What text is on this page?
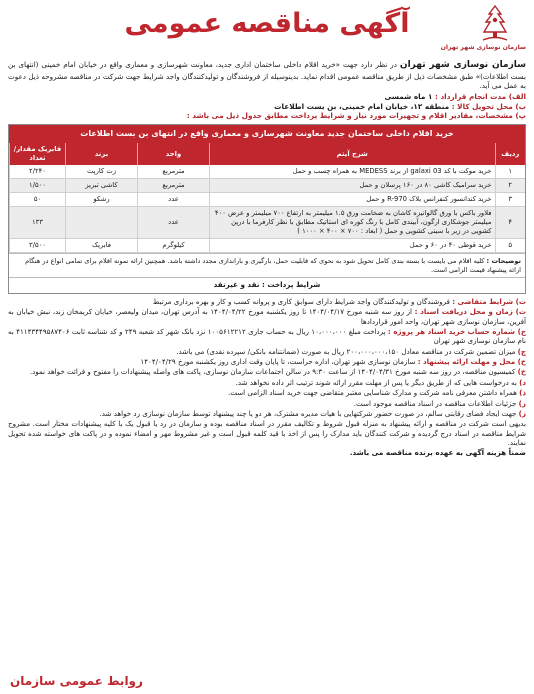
سازمان نوسازی شهر تهران
آگهی مناقصه عمومی
سازمان نوسازی شهر تهران در نظر دارد جهت «خرید اقلام داخلی ساختمان اداری جدید، معاونت شهرسازی و معماری واقع در خیابان امام خمینی (انتهای بن بست اطلاعات)» طبق مشخصات ذیل از طریق مناقصه عمومی اقدام نماید. بدینوسیله از فروشندگان و تولیدکنندگان واجد شرایط جهت شرکت در مناقصه مشروحه ذیل دعوت به عمل می آید.
الف) مدت انجام قرارداد : ۱ ماه شمسی
ب) محل تحویل کالا : منطقه ۱۲، خیابان امام خمینی، بن بست اطلاعات
پ) مشخصات، مقادیر اقلام و تجهیزات مورد نیاز و شرایط پرداخت مطابق جدول ذیل می باشد :
خرید اقلام داخلی ساختمان جدید معاونت شهرسازی و معماری واقع در انتهای بن بست اطلاعات
ردیف	شرح آیتم	واحد	برند	فابریک مقدار/تعداد
۱	خرید موکت با کد galaxi 03 از برند MEDESS به همراه چسب و حمل	مترمربع	زت کارپت	۲/۲۴۰
۲	خرید سرامیک کاشی ۸۰ در ۱۶۰ پرسلان و حمل	مترمربع	کاشی تبریز	۱/۵۰۰
۳	خرید کندانسور کنفرانس بلاک R-970 و حمل	عدد	رشکو	۵۰
۴	فلاور باکس با ورق گالوانیزه کاشان به ضخامت ورق ۱.۵ میلیمتر به ارتفاع ۷۰۰ میلیمتر و عرض ۴۰۰ میلیمتر جوشکاری ارگون، آبیندی کامل با رنگ کوره ای استاتیک مطابق با نظر کارفرما با درپن کشویی در زیر با سینی کشویی و حمل ( ابعاد : ۷۰۰ × ۴۰۰ × ۱۰۰۰ )	عدد		۱۳۳
۵	خرید قوطی ۴۰ در ۶۰ و حمل	کیلوگرم	فابریک	۳/۵۰۰
توضیحات : کلیه اقلام می بایست با بسته بندی کامل تحویل شود به نحوی که قابلیت حمل، بارگیری و باراندازی مجدد داشته باشد. همچنین ارائه نمونه اقلام برای تمامی انواع در هنگام ارائه پیشنهاد قیمت الزامی است.
شرایط پرداخت : نقد و غیرنقد
ت) شرایط متقاضی : فروشندگان و تولیدکنندگان واجد شرایط دارای سوابق کاری و پروانه کسب و کار و بهره برداری مرتبط
ث) زمان و محل دریافت اسناد : از روز سه شنبه مورخ ۱۴۰۴/۰۴/۱۷ تا روز یکشنبه مورخ ۱۴۰۴/۰۴/۲۲ به آدرس تهران، میدان ولیعصر، خیابان کریمخان زند، نبش خیابان به آفرین، سازمان نوسازی شهر تهران، واحد امور قراردادها
ج) شماره حساب خرید اسناد هر پروژه : پرداخت مبلغ ۱۰،۰۰۰،۰۰۰ ریال به حساب جاری ۱۰۰۵۶۱۲۲۱۲ نزد بانک شهر کد شعبه ۲۴۹ و کد شناسه ثابت ۴۱۱۴۳۴۴۹۵۸۷۴۰۶ به نام سازمان نوسازی شهر تهران
چ) میزان تضمین شرکت در مناقصه معادل ۲۰۰،۰۰۰،۰۰۰،۱۵۰ ریال به صورت (ضمانتنامه بانکی/ سپرده نقدی) می باشد.
ح) محل و مهلت ارائه پیشنهاد : سازمان نوسازی شهر تهران، اداره حراست، تا پایان وقت اداری روز یکشنبه مورخ ۱۴۰۴/۰۴/۲۹
خ) کمیسیون مناقصه، در روز سه شنبه مورخ ۱۴۰۴/۰۴/۳۱ از ساعت ۹:۳۰ در سالن اجتماعات سازمان نوسازی، پاکت های واصله پیشنهادات را مفتوح و قرائت خواهد نمود.
د) به درخواست هایی که از طریق دیگر یا پس از مهلت مقرر ارائه شوند ترتیب اثر داده نخواهد شد.
ذ) همراه داشتن معرفی نامه شرکت و مدارک شناسایی معتبر متقاضی جهت خرید اسناد الزامی است.
ر) جزئیات اطلاعات مناقصه در اسناد مناقصه موجود است.
ز) جهت ایجاد فضای رقابتی سالم، در صورت حضور شرکتهایی با هیات مدیره مشترک، هر دو یا چند پیشنهاد توسط سازمان نوسازی رد خواهد شد.
بدیهی است شرکت در مناقصه و ارائه پیشنهاد به منزله قبول شروط و تکالیف مقرر در اسناد مناقصه بوده و سازمان در رد یا قبول یک یا کلیه پیشنهادات مختار است. مشروح شرایط مناقصه در اسناد درج گردیده و شرکت کنندگان باید مدارک را پس از اخذ با قید کلمه قبول است و غیر مشروط مهر و امضاء نموده و در پاکت های خواسته شده تحویل نمایند.
ضمناً هزینه آگهی به عهده برنده مناقصه می باشد.
روابط عمومی سازمان
